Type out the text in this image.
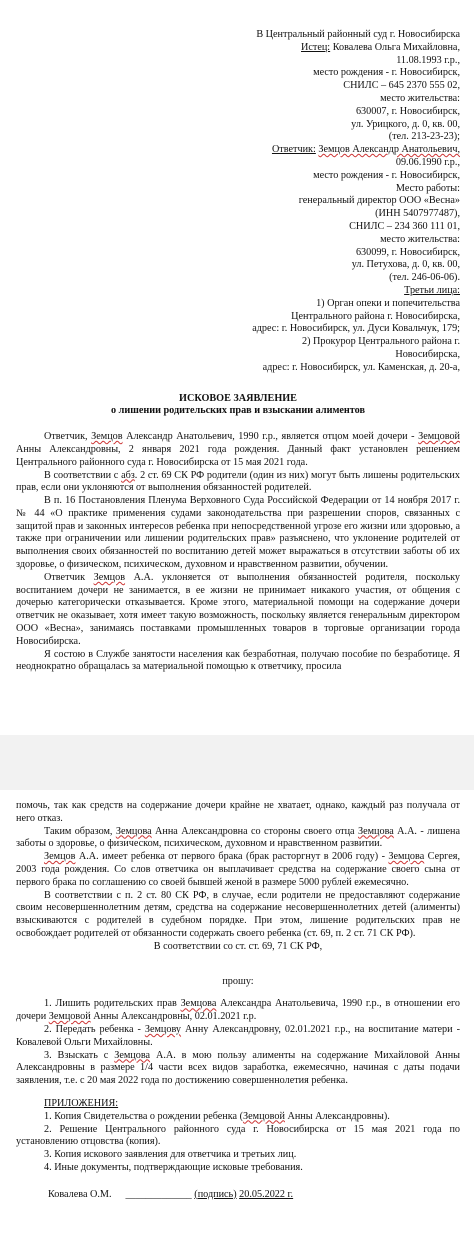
В Центральный районный суд г. Новосибирска
Истец: Ковалева Ольга Михайловна,
11.08.1993 г.р.,
место рождения - г. Новосибирск,
СНИЛС – 645 2370 555 02,
место жительства:
630007, г. Новосибирск,
ул. Урицкого, д. 0, кв. 00,
(тел. 213-23-23);
Ответчик: Земцов Александр Анатольевич,
09.06.1990 г.р.,
место рождения - г. Новосибирск,
Место работы:
генеральный директор ООО «Весна»
(ИНН 5407977487),
СНИЛС – 234 360 111 01,
место жительства:
630099, г. Новосибирск,
ул. Петухова, д. 0, кв. 00,
(тел. 246-06-06).
Третьи лица:
1) Орган опеки и попечительства
Центрального района г. Новосибирска,
адрес: г. Новосибирск, ул. Дуси Ковальчук, 179;
2) Прокурор Центрального района г. Новосибирска,
адрес: г. Новосибирск, ул. Каменская, д. 20-а,

ИСКОВОЕ ЗАЯВЛЕНИЕ

о лишении родительских прав и взыскании алиментов

Ответчик, Земцов Александр Анатольевич, 1990 г.р., является отцом моей дочери - Земцовой Анны Александровны, 2 января 2021 года рождения. Данный факт установлен решением Центрального районного суда г. Новосибирска от 15 мая 2021 года.

В соответствии с абз. 2 ст. 69 СК РФ родители (один из них) могут быть лишены родительских прав, если они уклоняются от выполнения обязанностей родителей.

В п. 16 Постановления Пленума Верховного Суда Российской Федерации от 14 ноября 2017 г. № 44 «О практике применения судами законодательства при разрешении споров, связанных с защитой прав и законных интересов ребенка при непосредственной угрозе его жизни или здоровью, а также при ограничении или лишении родительских прав» разъяснено, что уклонение родителей от выполнения своих обязанностей по воспитанию детей может выражаться в отсутствии заботы об их здоровье, о физическом, психическом, духовном и нравственном развитии, обучении.

Ответчик Земцов А.А. уклоняется от выполнения обязанностей родителя, поскольку воспитанием дочери не занимается, в ее жизни не принимает никакого участия, от общения с дочерью категорически отказывается. Кроме этого, материальной помощи на содержание дочери ответчик не оказывает, хотя имеет такую возможность, поскольку является генеральным директором ООО «Весна», занимаясь поставками промышленных товаров в торговые организации города Новосибирска.

Я состою в Службе занятости населения как безработная, получаю пособие по безработице. Я неоднократно обращалась за материальной помощью к ответчику, просила

помочь, так как средств на содержание дочери крайне не хватает, однако, каждый раз получала от него отказ.

Таким образом, Земцова Анна Александровна со стороны своего отца Земцова А.А. - лишена заботы о здоровье, о физическом, психическом, духовном и нравственном развитии.

Земцов А.А. имеет ребенка от первого брака (брак расторгнут в 2006 году) - Земцова Сергея, 2003 года рождения. Со слов ответчика он выплачивает средства на содержание своего сына от первого брака по соглашению со своей бывшей женой в размере 5000 рублей ежемесячно.

В соответствии с п. 2 ст. 80 СК РФ, в случае, если родители не предоставляют содержание своим несовершеннолетним детям, средства на содержание несовершеннолетних детей (алименты) взыскиваются с родителей в судебном порядке. При этом, лишение родительских прав не освобождает родителей от обязанности содержать своего ребенка (ст. 69, п. 2 ст. 71 СК РФ).

В соответствии со ст. ст. 69, 71 СК РФ,

прошу:

1. Лишить родительских прав Земцова Александра Анатольевича, 1990 г.р., в отношении его дочери Земцовой Анны Александровны, 02.01.2021 г.р.

2. Передать ребенка - Земцову Анну Александровну, 02.01.2021 г.р., на воспитание матери - Ковалевой Ольги Михайловны.

3. Взыскать с Земцова А.А. в мою пользу алименты на содержание Михайловой Анны Александровны в размере 1/4 части всех видов заработка, ежемесячно, начиная с даты подачи заявления, т.е. с 20 мая 2022 года по достижению совершеннолетия ребенка.

ПРИЛОЖЕНИЯ:

1. Копия Свидетельства о рождении ребенка (Земцовой Анны Александровны).

2. Решение Центрального районного суда г. Новосибирска от 15 мая 2021 года по установлению отцовства (копия).

3. Копия искового заявления для ответчика и третьих лиц.

4. Иные документы, подтверждающие исковые требования.

Ковалева О.М. _____________ (подпись) 20.05.2022 г.
